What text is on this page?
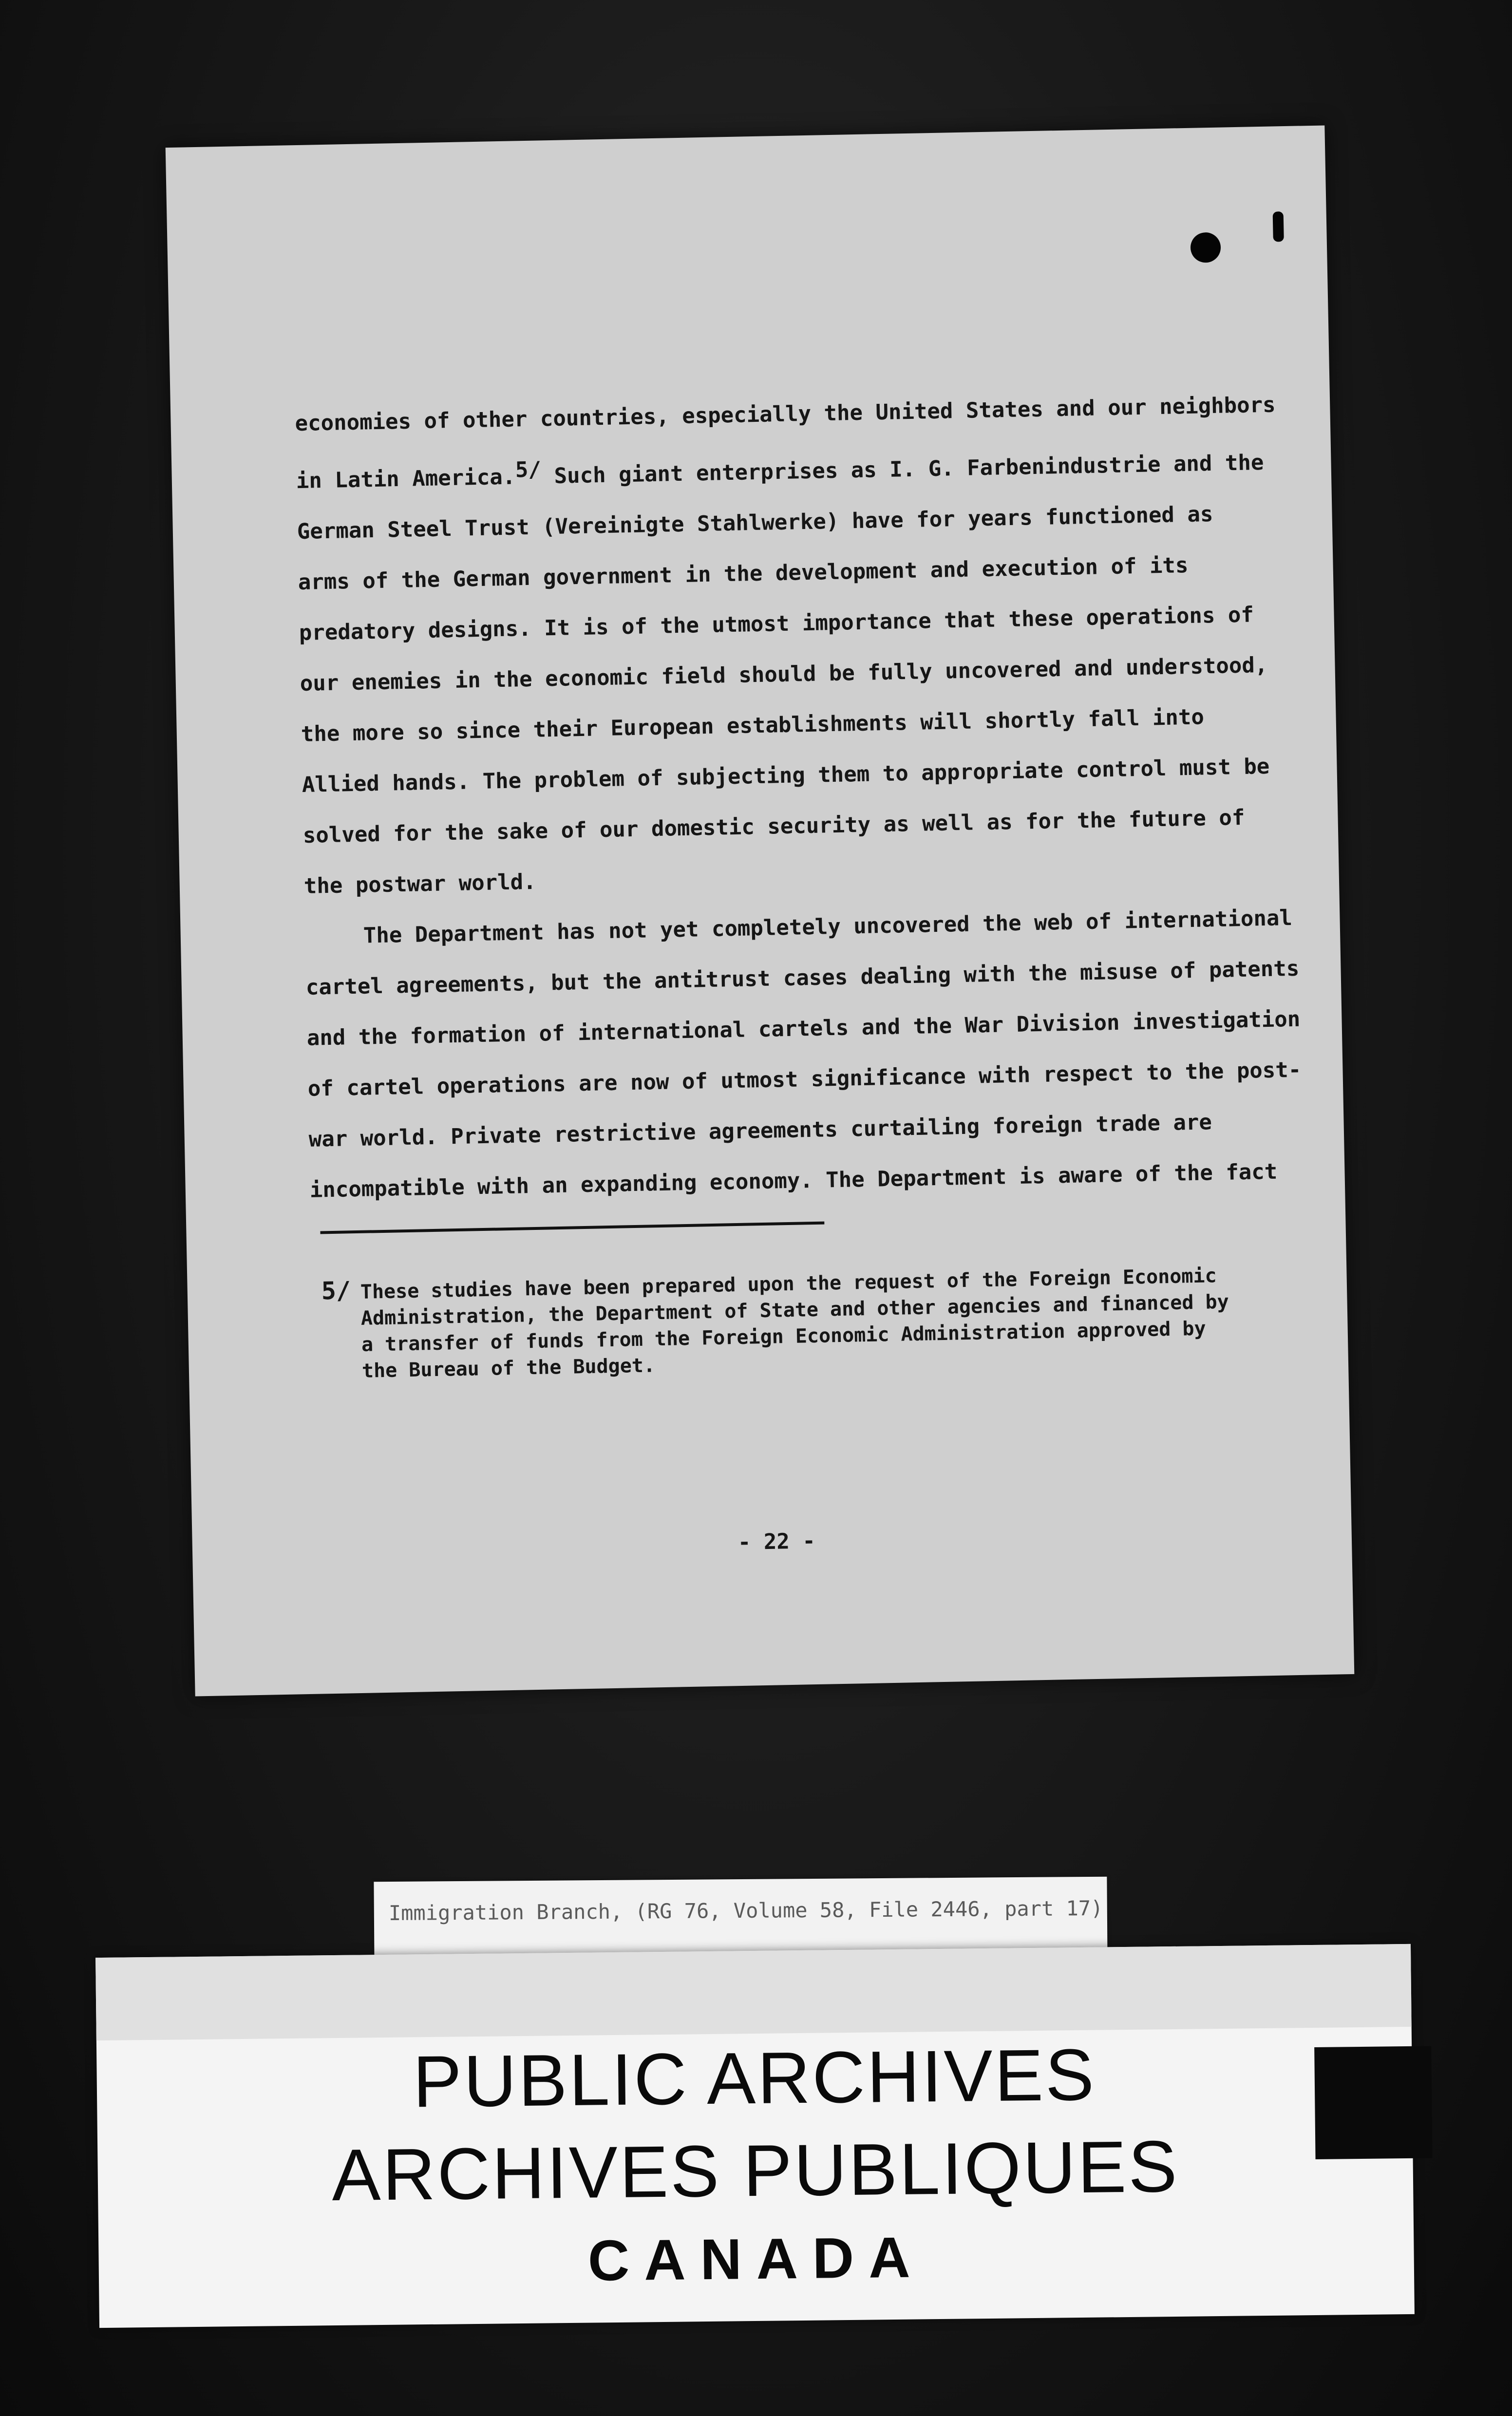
economies of other countries, especially the United States and our neighbors
in Latin America.$^{5/}$ Such giant enterprises as I. G. Farbenindustrie and the
German Steel Trust (Vereinigte Stahlwerke) have for years functioned as
arms of the German government in the development and execution of its
predatory designs. It is of the utmost importance that these operations of
our enemies in the economic field should be fully uncovered and understood,
the more so since their European establishments will shortly fall into
Allied hands. The problem of subjecting them to appropriate control must be
solved for the sake of our domestic security as well as for the future of
the postwar world.
The Department has not yet completely uncovered the web of international
cartel agreements, but the antitrust cases dealing with the misuse of patents
and the formation of international cartels and the War Division investigation
of cartel operations are now of utmost significance with respect to the post-
war world. Private restrictive agreements curtailing foreign trade are
incompatible with an expanding economy. The Department is aware of the fact
5/ These studies have been prepared upon the request of the Foreign Economic Administration, the Department of State and other agencies and financed by a transfer of funds from the Foreign Economic Administration approved by the Bureau of the Budget.
- 22 -
Immigration Branch, (RG 76, Volume 58, File 2446, part 17)
PUBLIC ARCHIVES
ARCHIVES PUBLIQUES
CANADA
